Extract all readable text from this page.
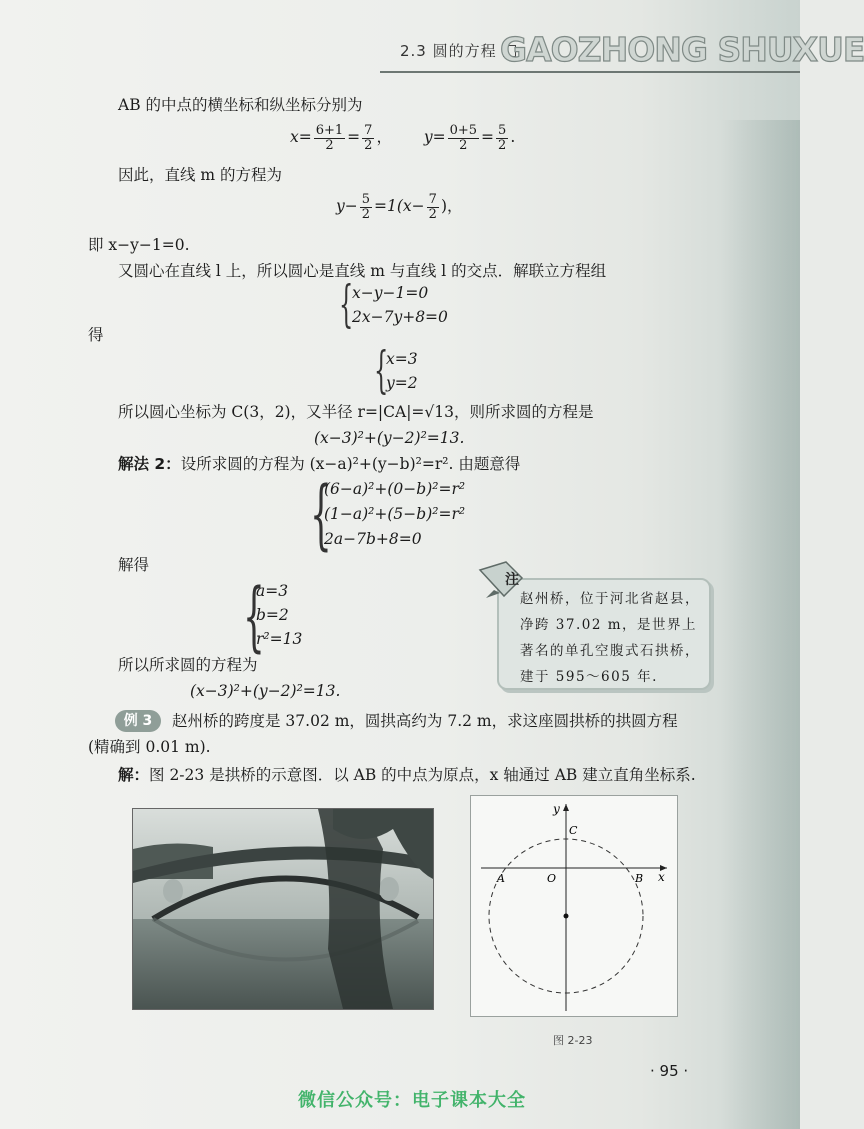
2.3 圆的方程 GAOZHONG SHUXUE
AB 的中点的横坐标和纵坐标分别为
$x= \frac{6+1}{2} = \frac{7}{2}$ ， $y= \frac{0+5}{2} = \frac{5}{2}$ .
因此，直线 m 的方程为
$y- \frac{5}{2} =1(x- \frac{7}{2}$ )，
即 x−y−1=0.
又圆心在直线 l 上，所以圆心是直线 m 与直线 l 的交点．解联立方程组
{
x−y−1=0
2x−7y+8=0
得
{
x=3
y=2
所以圆心坐标为 C(3，2)，又半径 r=|CA|=√13，则所求圆的方程是
(x−3)²+(y−2)²=13.
解法 2：设所求圆的方程为 (x−a)²+(y−b)²=r². 由题意得
{
(6−a)²+(0−b)²=r²
(1−a)²+(5−b)²=r²
2a−7b+8=0
解得
{
a=3
b=2
r²=13
所以所求圆的方程为
(x−3)²+(y−2)²=13.
注
赵州桥，位于河北省赵县，净跨 37.02 m，是世界上著名的单孔空腹式石拱桥，建于 595～605 年.
例 3	赵州桥的跨度是 37.02 m，圆拱高约为 7.2 m，求这座圆拱桥的拱圆方程
(精确到 0.01 m).
解：图 2-23 是拱桥的示意图．以 AB 的中点为原点，x 轴通过 AB 建立直角坐标系.
y
x
C
O
A	B
图 2-23
· 95 ·
微信公众号：电子课本大全
